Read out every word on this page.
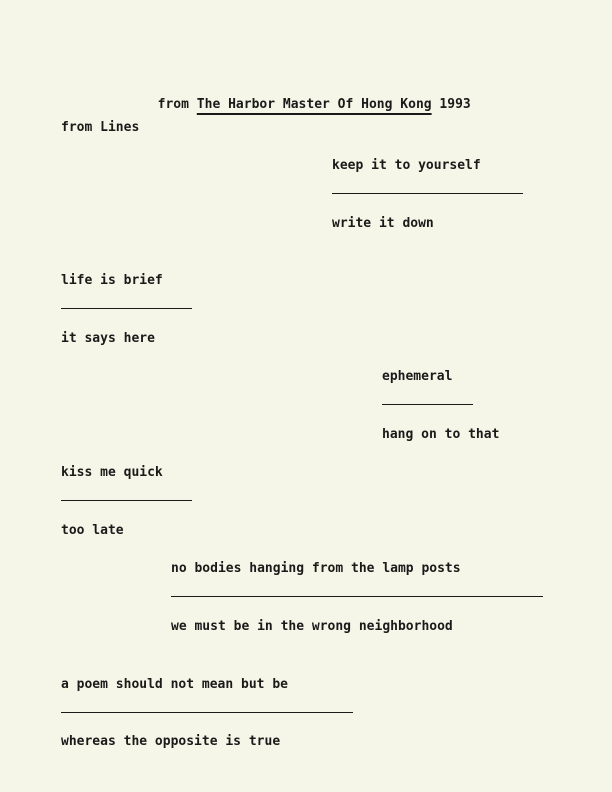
from The Harbor Master Of Hong Kong 1993

from Lines
keep it to yourself
write it down
life is brief
it says here
ephemeral
hang on to that
kiss me quick
too late
no bodies hanging from the lamp posts
we must be in the wrong neighborhood
a poem should not mean but be
whereas the opposite is true
